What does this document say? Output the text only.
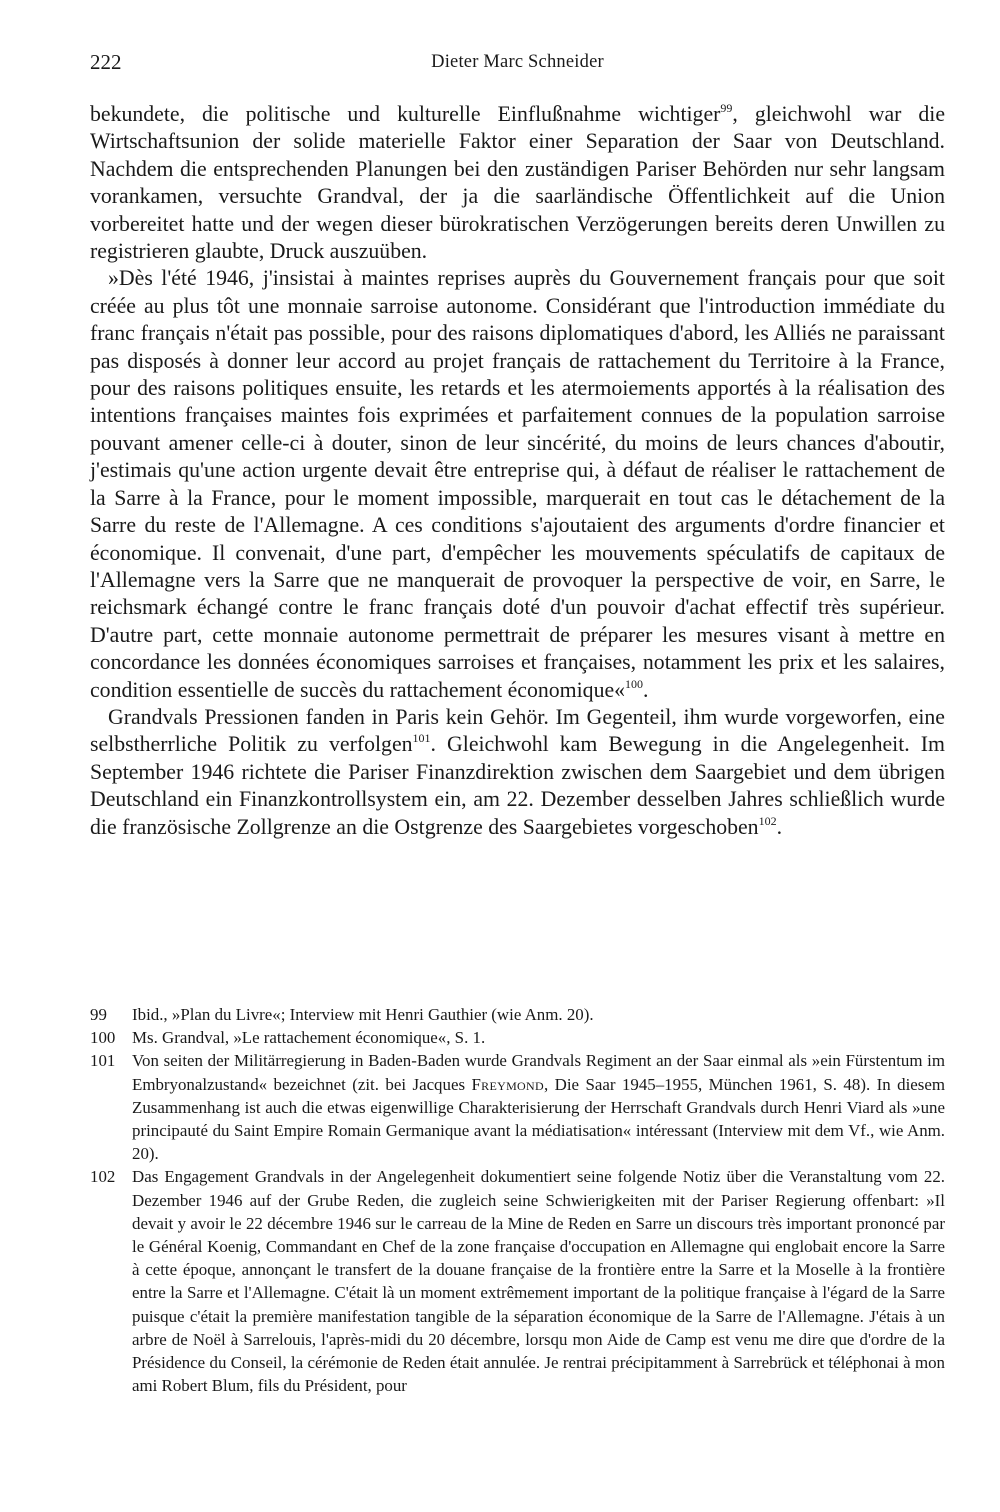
222	Dieter Marc Schneider

bekundete, die politische und kulturelle Einflußnahme wichtiger$^{99}$, gleichwohl war die Wirtschaftsunion der solide materielle Faktor einer Separation der Saar von Deutschland. Nachdem die entsprechenden Planungen bei den zuständigen Pariser Behörden nur sehr langsam vorankamen, versuchte Grandval, der ja die saarländische Öffentlichkeit auf die Union vorbereitet hatte und der wegen dieser bürokratischen Verzögerungen bereits deren Unwillen zu registrieren glaubte, Druck auszuüben.

»Dès l'été 1946, j'insistai à maintes reprises auprès du Gouvernement français pour que soit créée au plus tôt une monnaie sarroise autonome. Considérant que l'introduction immédiate du franc français n'était pas possible, pour des raisons diplomatiques d'abord, les Alliés ne paraissant pas disposés à donner leur accord au projet français de rattachement du Territoire à la France, pour des raisons politiques ensuite, les retards et les atermoiements apportés à la réalisation des intentions françaises maintes fois exprimées et parfaitement connues de la population sarroise pouvant amener celle-ci à douter, sinon de leur sincérité, du moins de leurs chances d'aboutir, j'estimais qu'une action urgente devait être entreprise qui, à défaut de réaliser le rattachement de la Sarre à la France, pour le moment impossible, marquerait en tout cas le détachement de la Sarre du reste de l'Allemagne. A ces conditions s'ajoutaient des arguments d'ordre financier et économique. Il convenait, d'une part, d'empêcher les mouvements spéculatifs de capitaux de l'Allemagne vers la Sarre que ne manquerait de provoquer la perspective de voir, en Sarre, le reichsmark échangé contre le franc français doté d'un pouvoir d'achat effectif très supérieur. D'autre part, cette monnaie autonome permettrait de préparer les mesures visant à mettre en concordance les données économiques sarroises et françaises, notamment les prix et les salaires, condition essentielle de succès du rattachement économique«$^{100}$.

Grandvals Pressionen fanden in Paris kein Gehör. Im Gegenteil, ihm wurde vorgeworfen, eine selbstherrliche Politik zu verfolgen$^{101}$. Gleichwohl kam Bewegung in die Angelegenheit. Im September 1946 richtete die Pariser Finanzdirektion zwischen dem Saargebiet und dem übrigen Deutschland ein Finanzkontrollsystem ein, am 22. Dezember desselben Jahres schließlich wurde die französische Zollgrenze an die Ostgrenze des Saargebietes vorgeschoben$^{102}$.

99 Ibid., »Plan du Livre«; Interview mit Henri Gauthier (wie Anm. 20).

100 Ms. Grandval, »Le rattachement économique«, S. 1.

101 Von seiten der Militärregierung in Baden-Baden wurde Grandvals Regiment an der Saar einmal als »ein Fürstentum im Embryonalzustand« bezeichnet (zit. bei Jacques Freymond, Die Saar 1945–1955, München 1961, S. 48). In diesem Zusammenhang ist auch die etwas eigenwillige Charakterisierung der Herrschaft Grandvals durch Henri Viard als »une principauté du Saint Empire Romain Germanique avant la médiatisation« intéressant (Interview mit dem Vf., wie Anm. 20).

102 Das Engagement Grandvals in der Angelegenheit dokumentiert seine folgende Notiz über die Veranstaltung vom 22. Dezember 1946 auf der Grube Reden, die zugleich seine Schwierigkeiten mit der Pariser Regierung offenbart: »Il devait y avoir le 22 décembre 1946 sur le carreau de la Mine de Reden en Sarre un discours très important prononcé par le Général Koenig, Commandant en Chef de la zone française d'occupation en Allemagne qui englobait encore la Sarre à cette époque, annonçant le transfert de la douane française de la frontière entre la Sarre et la Moselle à la frontière entre la Sarre et l'Allemagne. C'était là un moment extrêmement important de la politique française à l'égard de la Sarre puisque c'était la première manifestation tangible de la séparation économique de la Sarre de l'Allemagne. J'étais à un arbre de Noël à Sarrelouis, l'après-midi du 20 décembre, lorsqu mon Aide de Camp est venu me dire que d'ordre de la Présidence du Conseil, la cérémonie de Reden était annulée. Je rentrai précipitamment à Sarrebrück et téléphonai à mon ami Robert Blum, fils du Président, pour
